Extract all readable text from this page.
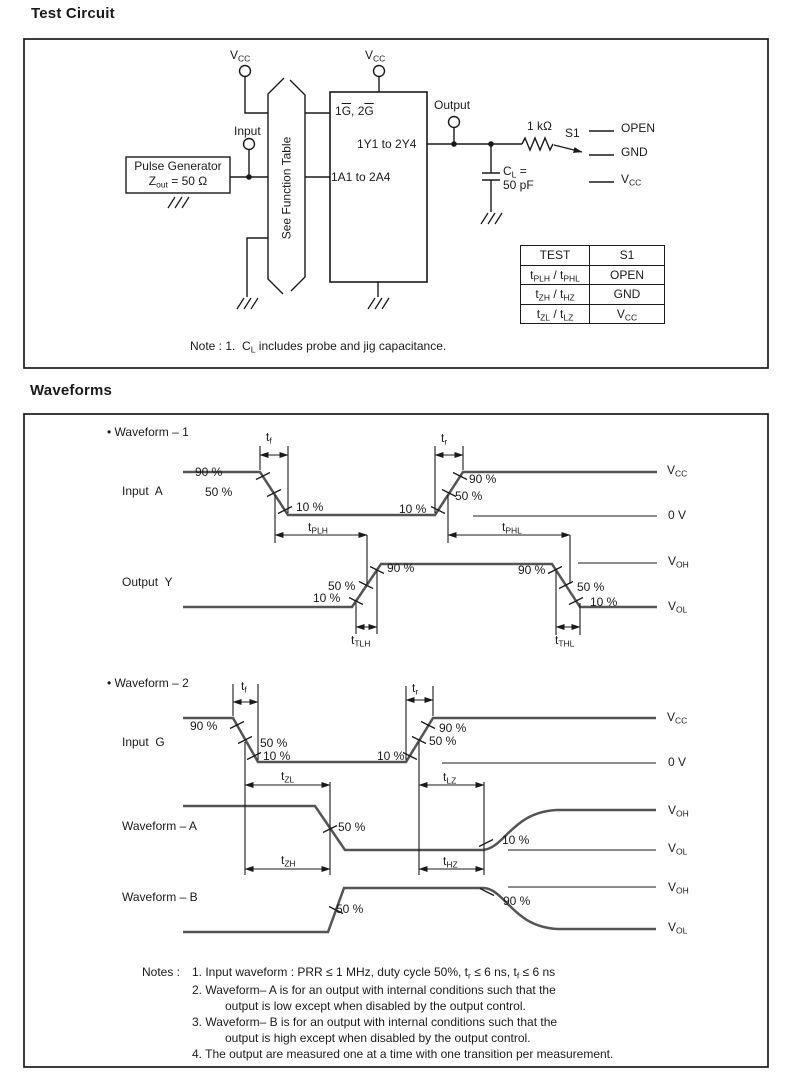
$V_{CC}$	$V_{CC}$
Input
Output
Pulse Generator
$Z_{out} = 50$ Ω	See Function Table
$1\overline{G}$, $2\overline{G}$
1Y1 to 2Y4
1A1 to 2A4
1 kΩ S1	OPEN
GND
$V_{CC}$
$C_L$ =
50 pF
Note : 1.  $C_L$ includes probe and jig capacitance.
• Waveform – 1	$t_f$
90 %
Input  A	50 %
10 %	10 %
$t_r$
90 %
50 %
$V_{CC}$
0 V
$t_{PLH}$	$t_{PHL}$
Output  Y
90 %
50 %
10 %
90 %
50 %
10 %
$V_{OH}$
$V_{OL}$
$t_{TLH}$	$t_{THL}$
• Waveform – 2	$t_f$
90 %
Input  G	50 %
10 %	10 %
$t_r$
90 %
50 %
$V_{CC}$
0 V
$t_{ZL}$	$t_{LZ}$
Waveform – A	50 %
10 %
$t_{ZH}$	$t_{HZ}$
$V_{OH}$
$V_{OL}$
Waveform – B
50 %
90 %
$V_{OH}$
$V_{OL}$
Notes : 1. Input waveform : PRR ≤ 1 MHz, duty cycle 50%, $t_r \le 6$ ns, $t_f \le 6$ ns
2. Waveform– A is for an output with internal conditions such that the
output is low except when disabled by the output control.
3. Waveform– B is for an output with internal conditions such that the
output is high except when disabled by the output control.
4. The output are measured one at a time with one transition per measurement.
Test Circuit
Waveforms
TEST	S1
$t_{PLH} / t_{PHL}$	OPEN
$t_{ZH} / t_{HZ}$	GND
$t_{ZL} / t_{LZ}$	$V_{CC}$
